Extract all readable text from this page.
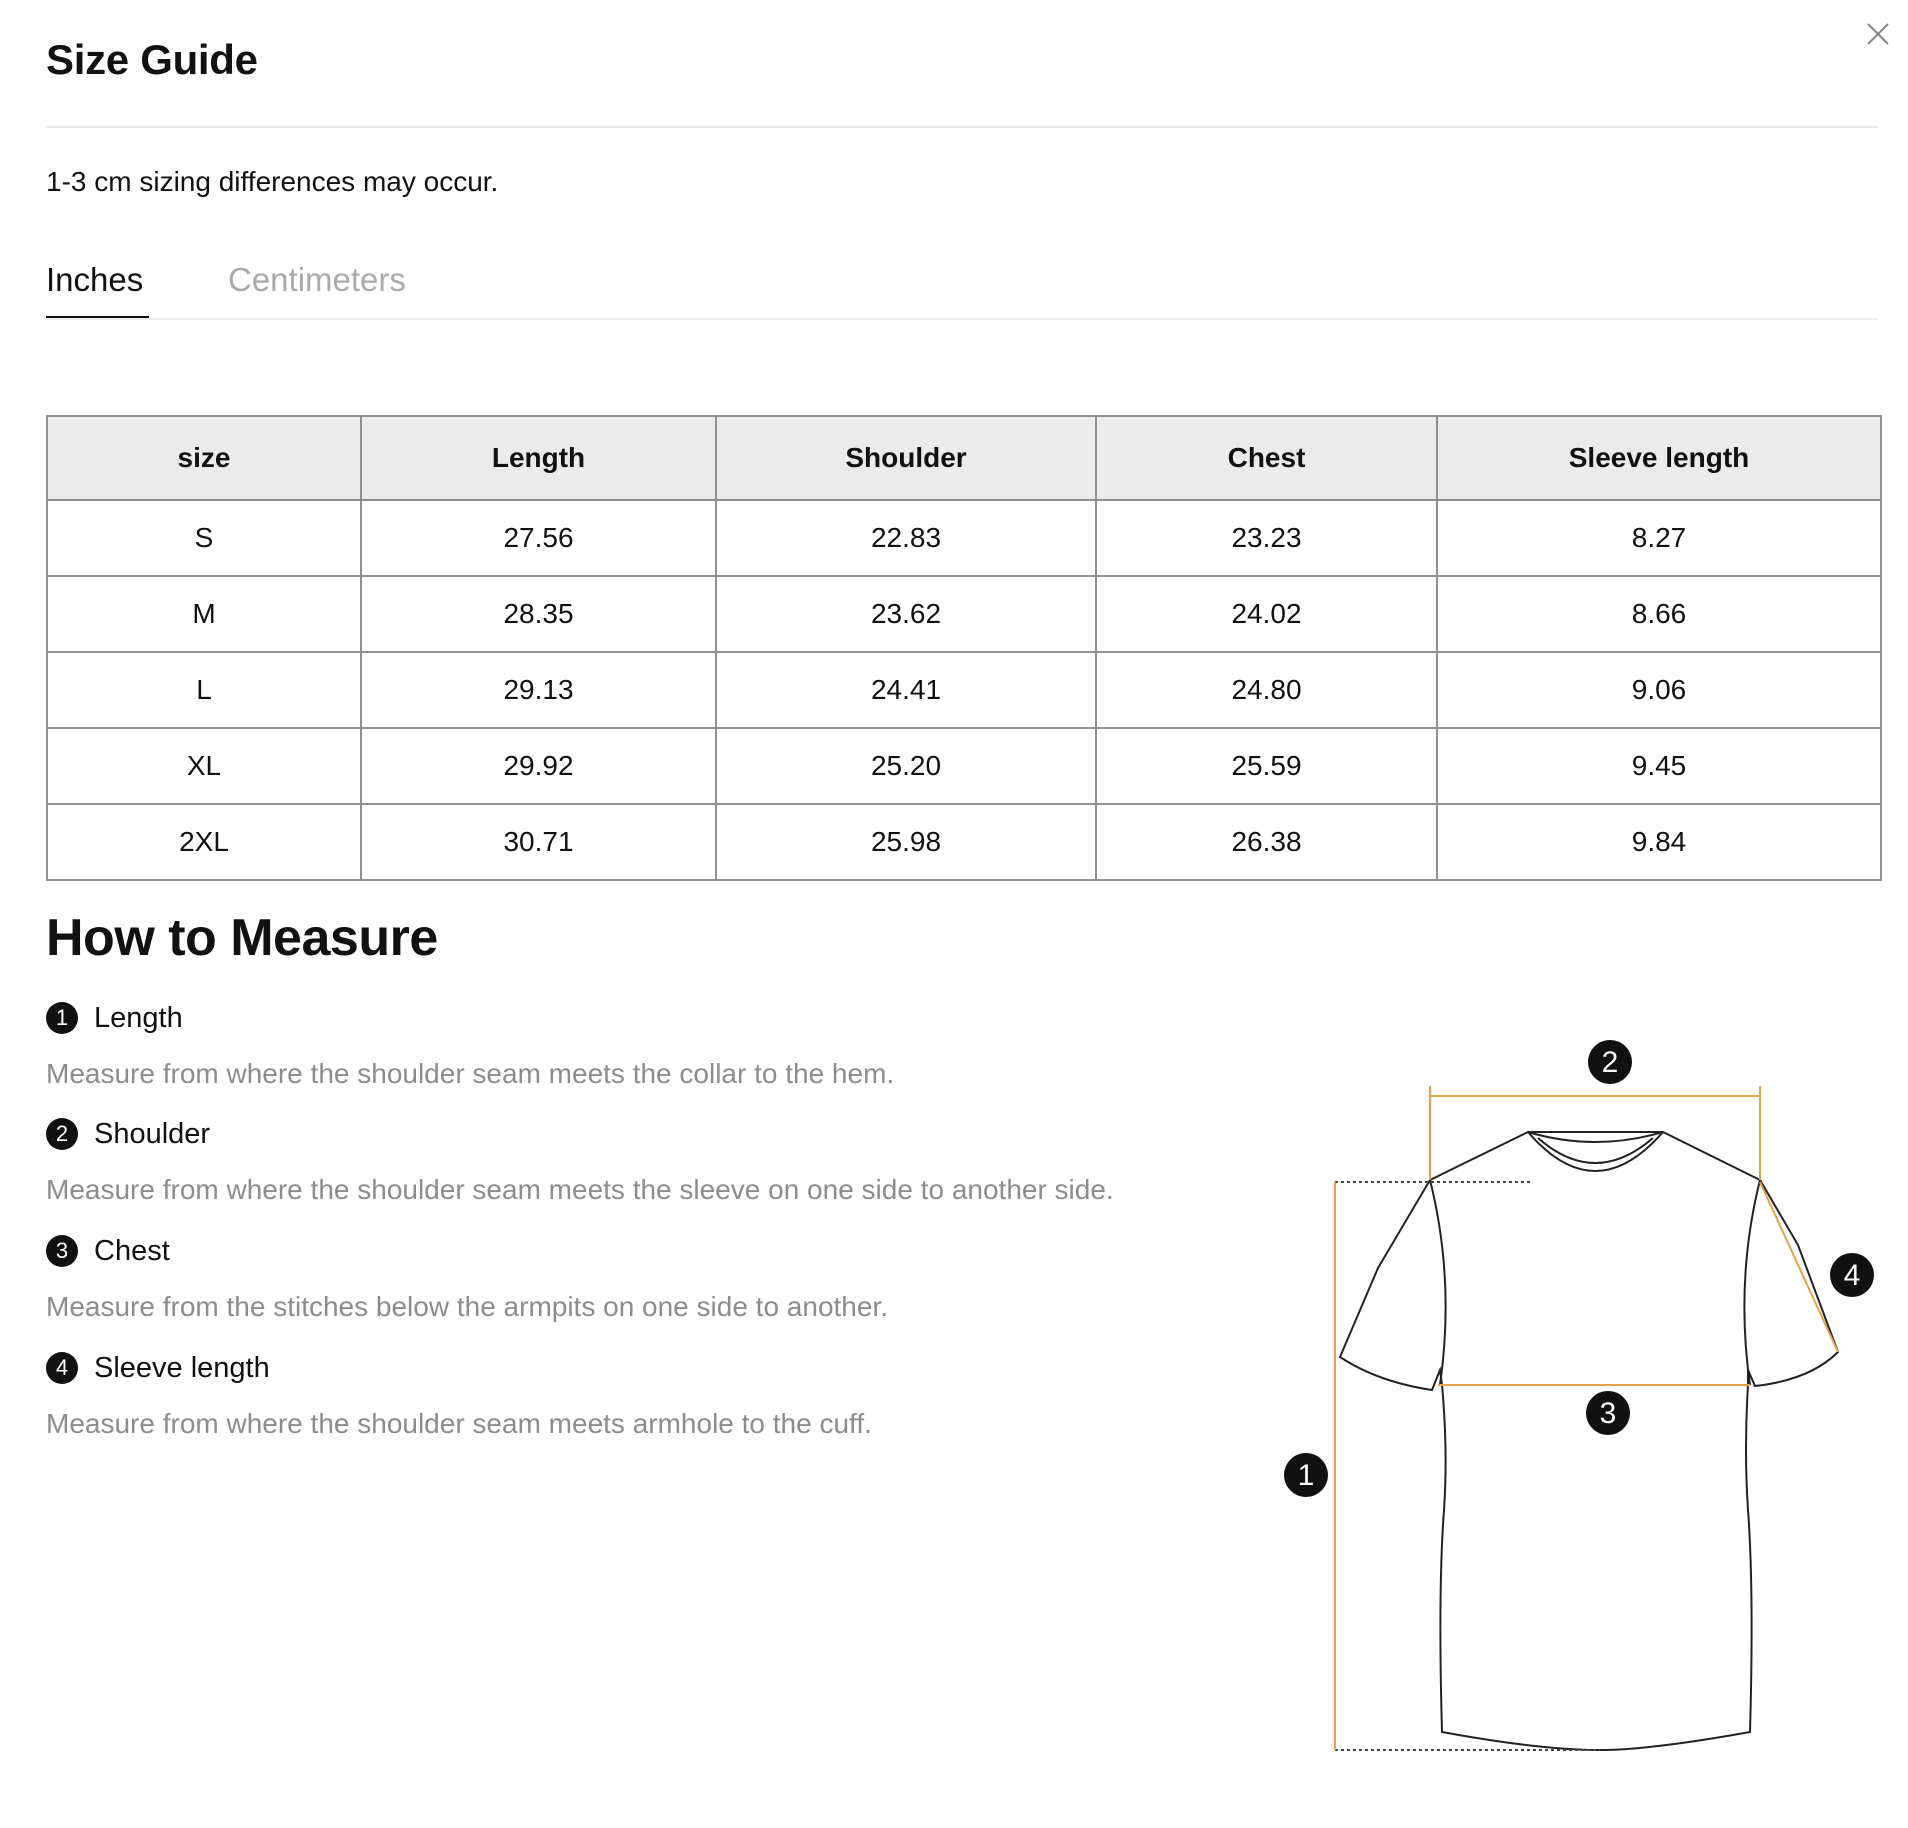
Size Guide
1-3 cm sizing differences may occur.
Inches	Centimeters
size	Length	Shoulder	Chest	Sleeve length
S	27.56	22.83	23.23	8.27
M	28.35	23.62	24.02	8.66
L	29.13	24.41	24.80	9.06
XL	29.92	25.20	25.59	9.45
2XL	30.71	25.98	26.38	9.84
How to Measure
1 Length
Measure from where the shoulder seam meets the collar to the hem.
2 Shoulder
Measure from where the shoulder seam meets the sleeve on one side to another side.
3 Chest
Measure from the stitches below the armpits on one side to another.
4 Sleeve length
Measure from where the shoulder seam meets armhole to the cuff.
1
2
3
4
